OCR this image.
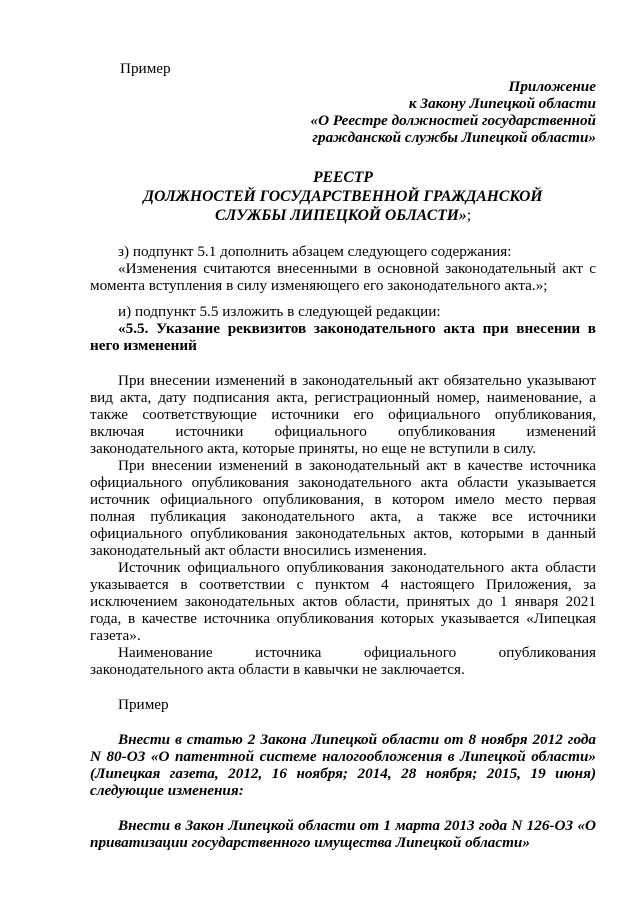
Пример

Приложение

к Закону Липецкой области

«О Реестре должностей государственной

гражданской службы Липецкой области»

РЕЕСТР

ДОЛЖНОСТЕЙ ГОСУДАРСТВЕННОЙ ГРАЖДАНСКОЙ

СЛУЖБЫ ЛИПЕЦКОЙ ОБЛАСТИ»;

з) подпункт 5.1 дополнить абзацем следующего содержания:

«Изменения считаются внесенными в основной законодательный акт с момента вступления в силу изменяющего его законодательного акта.»;

и) подпункт 5.5 изложить в следующей редакции:

«5.5. Указание реквизитов законодательного акта при внесении в него изменений

При внесении изменений в законодательный акт обязательно указывают вид акта, дату подписания акта, регистрационный номер, наименование, а также соответствующие источники его официального опубликования, включая источники официального опубликования изменений законодательного акта, которые приняты, но еще не вступили в силу.

При внесении изменений в законодательный акт в качестве источника официального опубликования законодательного акта области указывается источник официального опубликования, в котором имело место первая полная публикация законодательного акта, а также все источники официального опубликования законодательных актов, которыми в данный законодательный акт области вносились изменения.

Источник официального опубликования законодательного акта области указывается в соответствии с пунктом 4 настоящего Приложения, за исключением законодательных актов области, принятых до 1 января 2021 года, в качестве источника опубликования которых указывается «Липецкая газета».

Наименование источника официального опубликования законодательного акта области в кавычки не заключается.

Пример

Внести в статью 2 Закона Липецкой области от 8 ноября 2012 года N 80-ОЗ «О патентной системе налогообложения в Липецкой области» (Липецкая газета, 2012, 16 ноября; 2014, 28 ноября; 2015, 19 июня) следующие изменения:

Внести в Закон Липецкой области от 1 марта 2013 года N 126-ОЗ «О приватизации государственного имущества Липецкой области»
